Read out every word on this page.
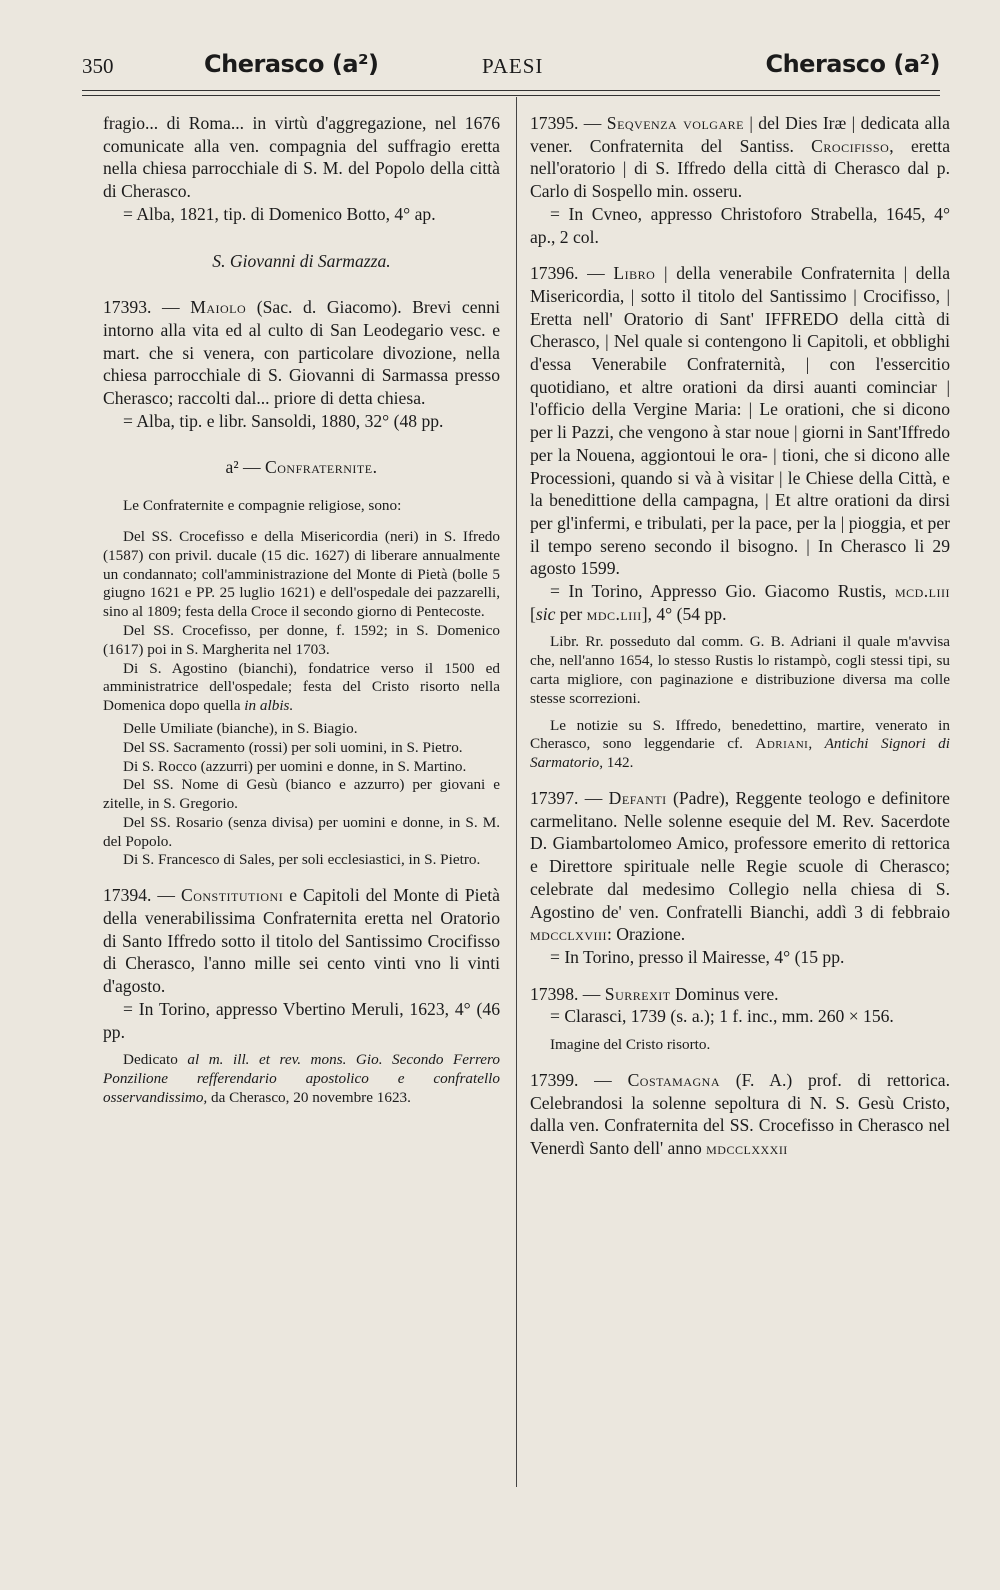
350	Cherasco (a²)	PAESI	Cherasco (a²)

fragio... di Roma... in virtù d'aggregazione, nel 1676 comunicate alla ven. compagnia del suffragio eretta nella chiesa parrocchiale di S. M. del Popolo della città di Cherasco.

= Alba, 1821, tip. di Domenico Botto, 4° ap.

S. Giovanni di Sarmazza.

17393. — Maiolo (Sac. d. Giacomo). Brevi cenni intorno alla vita ed al culto di San Leodegario vesc. e mart. che si venera, con particolare divozione, nella chiesa parrocchiale di S. Giovanni di Sarmassa presso Cherasco; raccolti dal... priore di detta chiesa.

= Alba, tip. e libr. Sansoldi, 1880, 32° (48 pp.

a² — Confraternite.

Le Confraternite e compagnie religiose, sono:

Del SS. Crocefisso e della Misericordia (neri) in S. Ifredo (1587) con privil. ducale (15 dic. 1627) di liberare annualmente un condannato; coll'amministrazione del Monte di Pietà (bolle 5 giugno 1621 e PP. 25 luglio 1621) e dell'ospedale dei pazzarelli, sino al 1809; festa della Croce il secondo giorno di Pentecoste.

Del SS. Crocefisso, per donne, f. 1592; in S. Domenico (1617) poi in S. Margherita nel 1703.

Di S. Agostino (bianchi), fondatrice verso il 1500 ed amministratrice dell'ospedale; festa del Cristo risorto nella Domenica dopo quella in albis.

Delle Umiliate (bianche), in S. Biagio.

Del SS. Sacramento (rossi) per soli uomini, in S. Pietro.

Di S. Rocco (azzurri) per uomini e donne, in S. Martino.

Del SS. Nome di Gesù (bianco e azzurro) per giovani e zitelle, in S. Gregorio.

Del SS. Rosario (senza divisa) per uomini e donne, in S. M. del Popolo.

Di S. Francesco di Sales, per soli ecclesiastici, in S. Pietro.

17394. — Constitutioni e Capitoli del Monte di Pietà della venerabilissima Confraternita eretta nel Oratorio di Santo Iffredo sotto il titolo del Santissimo Crocifisso di Cherasco, l'anno mille sei cento vinti vno li vinti d'agosto.

= In Torino, appresso Vbertino Meruli, 1623, 4° (46 pp.

Dedicato al m. ill. et rev. mons. Gio. Secondo Ferrero Ponzilione refferendario apostolico e confratello osservandissimo, da Cherasco, 20 novembre 1623.

17395. — Seqvenza volgare | del Dies Iræ | dedicata alla vener. Confraternita del Santiss. Crocifisso, eretta nell'oratorio | di S. Iffredo della città di Cherasco dal p. Carlo di Sospello min. osseru.

= In Cvneo, appresso Christoforo Strabella, 1645, 4° ap., 2 col.

17396. — Libro | della venerabile Confraternita | della Misericordia, | sotto il titolo del Santissimo | Crocifisso, | Eretta nell' Oratorio di Sant' IFFREDO della città di Cherasco, | Nel quale si contengono li Capitoli, et obblighi d'essa Venerabile Confraternità, | con l'essercitio quotidiano, et altre orationi da dirsi auanti cominciar | l'officio della Vergine Maria: | Le orationi, che si dicono per li Pazzi, che vengono à star noue | giorni in Sant'Iffredo per la Nouena, aggiontoui le ora- | tioni, che si dicono alle Processioni, quando si và à visitar | le Chiese della Città, e la benedittione della campagna, | Et altre orationi da dirsi per gl'infermi, e tribulati, per la pace, per la | pioggia, et per il tempo sereno secondo il bisogno. | In Cherasco li 29 agosto 1599.

= In Torino, Appresso Gio. Giacomo Rustis, mcd.liii [sic per mdc.liii], 4° (54 pp.

Libr. Rr. posseduto dal comm. G. B. Adriani il quale m'avvisa che, nell'anno 1654, lo stesso Rustis lo ristampò, cogli stessi tipi, su carta migliore, con paginazione e distribuzione diversa ma colle stesse scorrezioni.

Le notizie su S. Iffredo, benedettino, martire, venerato in Cherasco, sono leggendarie cf. Adriani, Antichi Signori di Sarmatorio, 142.

17397. — Defanti (Padre), Reggente teologo e definitore carmelitano. Nelle solenne esequie del M. Rev. Sacerdote D. Giambartolomeo Amico, professore emerito di rettorica e Direttore spirituale nelle Regie scuole di Cherasco; celebrate dal medesimo Collegio nella chiesa di S. Agostino de' ven. Confratelli Bianchi, addì 3 di febbraio mdcclxviii: Orazione.

= In Torino, presso il Mairesse, 4° (15 pp.

17398. — Surrexit Dominus vere.

= Clarasci, 1739 (s. a.); 1 f. inc., mm. 260 × 156.

Imagine del Cristo risorto.

17399. — Costamagna (F. A.) prof. di rettorica. Celebrandosi la solenne sepoltura di N. S. Gesù Cristo, dalla ven. Confraternita del SS. Crocefisso in Cherasco nel Venerdì Santo dell' anno mdcclxxxii
